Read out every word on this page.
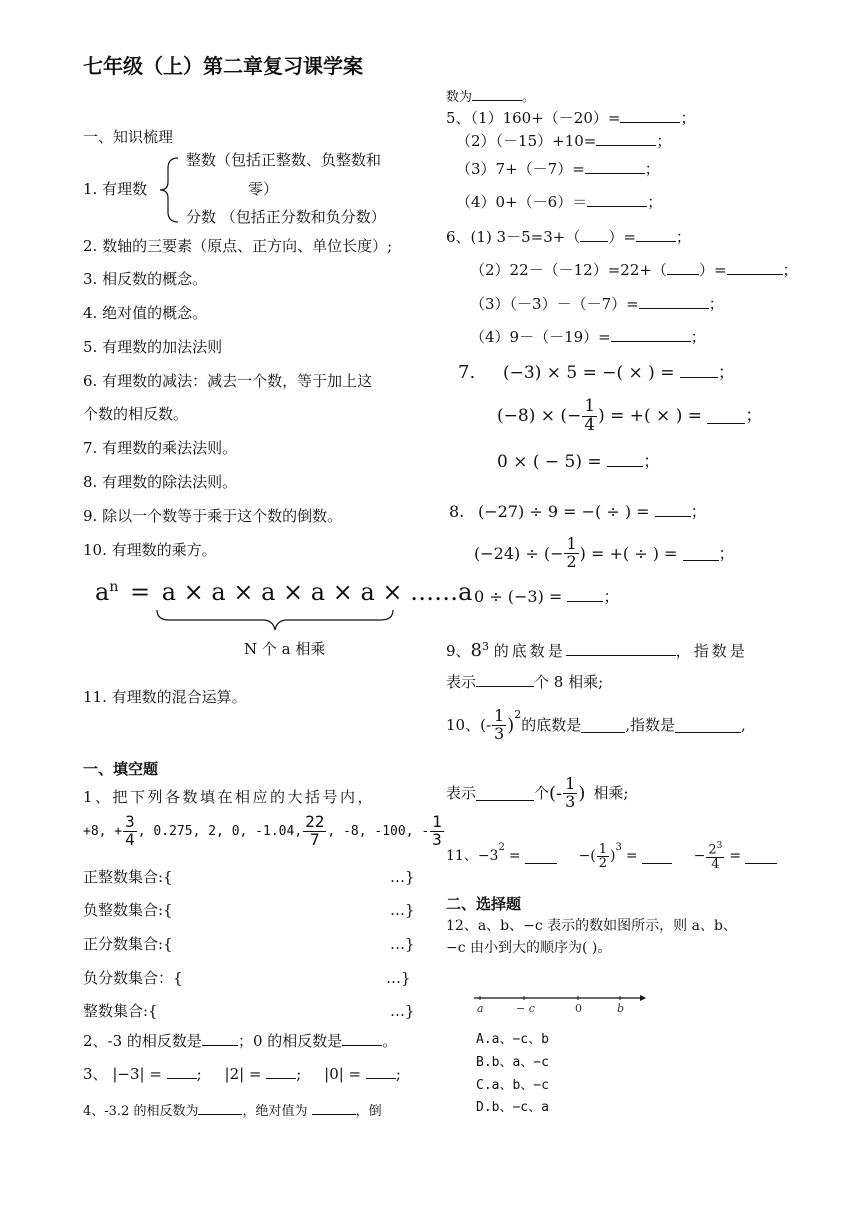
七年级（上）第二章复习课学案
一、知识梳理
1. 有理数
整数（包括正整数、负整数和
零）
分数 （包括正分数和负分数）
2. 数轴的三要素（原点、正方向、单位长度）;
3. 相反数的概念。
4. 绝对值的概念。
5. 有理数的加法法则
6. 有理数的减法：减去一个数，等于加上这
个数的相反数。
7. 有理数的乘法法则。
8. 有理数的除法法则。
9. 除以一个数等于乘于这个数的倒数。
10. 有理数的乘方。
$a^n = a \times a \times a \times a \times a$ × ……a
N 个 a 相乘
11. 有理数的混合运算。
一、填空题
1、把下列各数填在相应的大括号内，
+8, + $\frac{3}{4}$ , 0.275, 2, 0, -1.04, $\frac{22}{7}$ , -8, -100, - $\frac{1}{3}$
正整数集合:{	…}
负整数集合:{	…}
正分数集合:{	…}
负分数集合：{	…}
整数集合:{	…}
2、-3 的相反数是 ；0 的相反数是	。
3、 |−3| = ; |2| = ; |0| = ;
4、-3.2 的相反数为	，绝对值为	，倒
数为	。
5、（1）160+（－20）=	；
（2）（－15）+10=	；
（3）7+（－7）=	；
（4）0+（－6）＝	；
6、(1) 3－5=3+（ ）=	；
（2）22－（－12）=22+（ ）=	；
（3）（－3）－（－7）=	；
（4）9－（－19）=	；
7. (−3) × 5 = −( × ) =	；
(−8) × (− $\frac{1}{4}$ ) = +( × ) =
	；
0 × ( − 5) = ；
8. (−27) ÷ 9 = −( ÷ ) =	；
(−24) ÷ (− $\frac{1}{2}$ ) = +( ÷ ) =
	；
0 ÷ (−3) =	；
9、$8^3$ 的底数是	，指数是
表示	个 8 相乘;
10、(- $\frac{1}{3} )^2$
的底数是	,指数是	,
表示	个 (- $\frac{1}{3}$ ) 相乘;
11、−3
$^2$
=	−( $\frac{1}{2}$ )
$^3$
=	− $\frac{2^3}{4}$ =
二、选择题
12、a、b、−c 表示的数如图所示，则 a、b、
−c 由小到大的顺序为( )。
a	− c	0	b
A.a、−c、b
B.b、a、−c
C.a、b、−c
D.b、−c、a
